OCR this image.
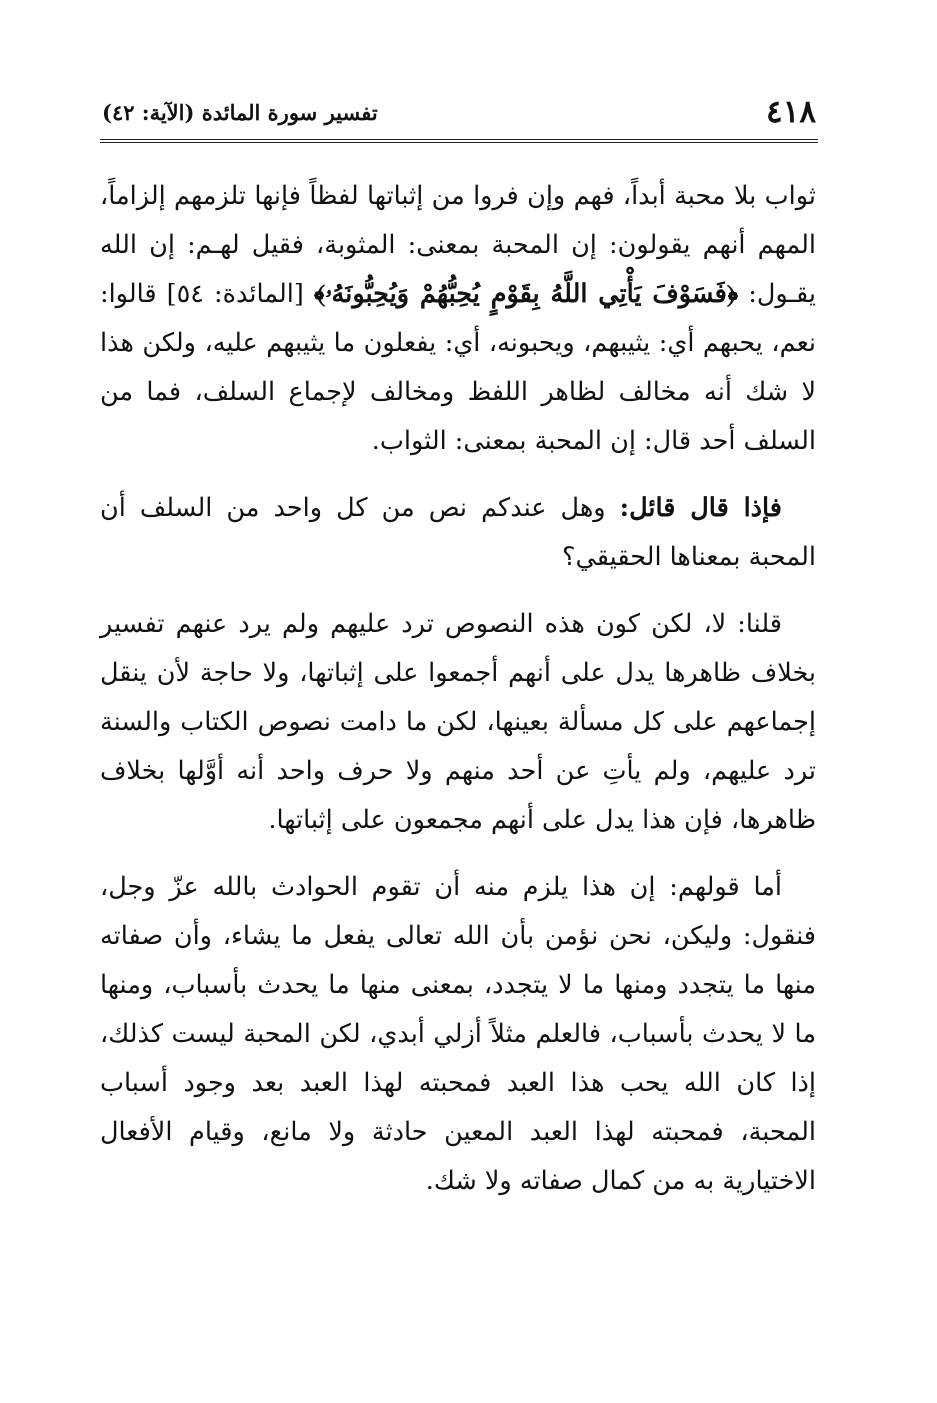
٤١٨
تفسير سورة المائدة (الآية: ٤٢)

ثواب بلا محبة أبداً، فهم وإن فروا من إثباتها لفظاً فإنها تلزمهم إلزاماً، المهم أنهم يقولون: إن المحبة بمعنى: المثوبة، فقيل لهـم: إن الله يقـول: ﴿فَسَوْفَ يَأْتِي اللَّهُ بِقَوْمٍ يُحِبُّهُمْ وَيُحِبُّونَهُۥ﴾ [المائدة: ٥٤] قالوا: نعم، يحبهم أي: يثيبهم، ويحبونه، أي: يفعلون ما يثيبهم عليه، ولكن هذا لا شك أنه مخالف لظاهر اللفظ ومخالف لإجماع السلف، فما من السلف أحد قال: إن المحبة بمعنى: الثواب.

فإذا قال قائل: وهل عندكم نص من كل واحد من السلف أن المحبة بمعناها الحقيقي؟

قلنا: لا، لكن كون هذه النصوص ترد عليهم ولم يرد عنهم تفسير بخلاف ظاهرها يدل على أنهم أجمعوا على إثباتها، ولا حاجة لأن ينقل إجماعهم على كل مسألة بعينها، لكن ما دامت نصوص الكتاب والسنة ترد عليهم، ولم يأتِ عن أحد منهم ولا حرف واحد أنه أوَّلها بخلاف ظاهرها، فإن هذا يدل على أنهم مجمعون على إثباتها.

أما قولهم: إن هذا يلزم منه أن تقوم الحوادث بالله عزّ وجل، فنقول: وليكن، نحن نؤمن بأن الله تعالى يفعل ما يشاء، وأن صفاته منها ما يتجدد ومنها ما لا يتجدد، بمعنى منها ما يحدث بأسباب، ومنها ما لا يحدث بأسباب، فالعلم مثلاً أزلي أبدي، لكن المحبة ليست كذلك، إذا كان الله يحب هذا العبد فمحبته لهذا العبد بعد وجود أسباب المحبة، فمحبته لهذا العبد المعين حادثة ولا مانع، وقيام الأفعال الاختيارية به من كمال صفاته ولا شك.
